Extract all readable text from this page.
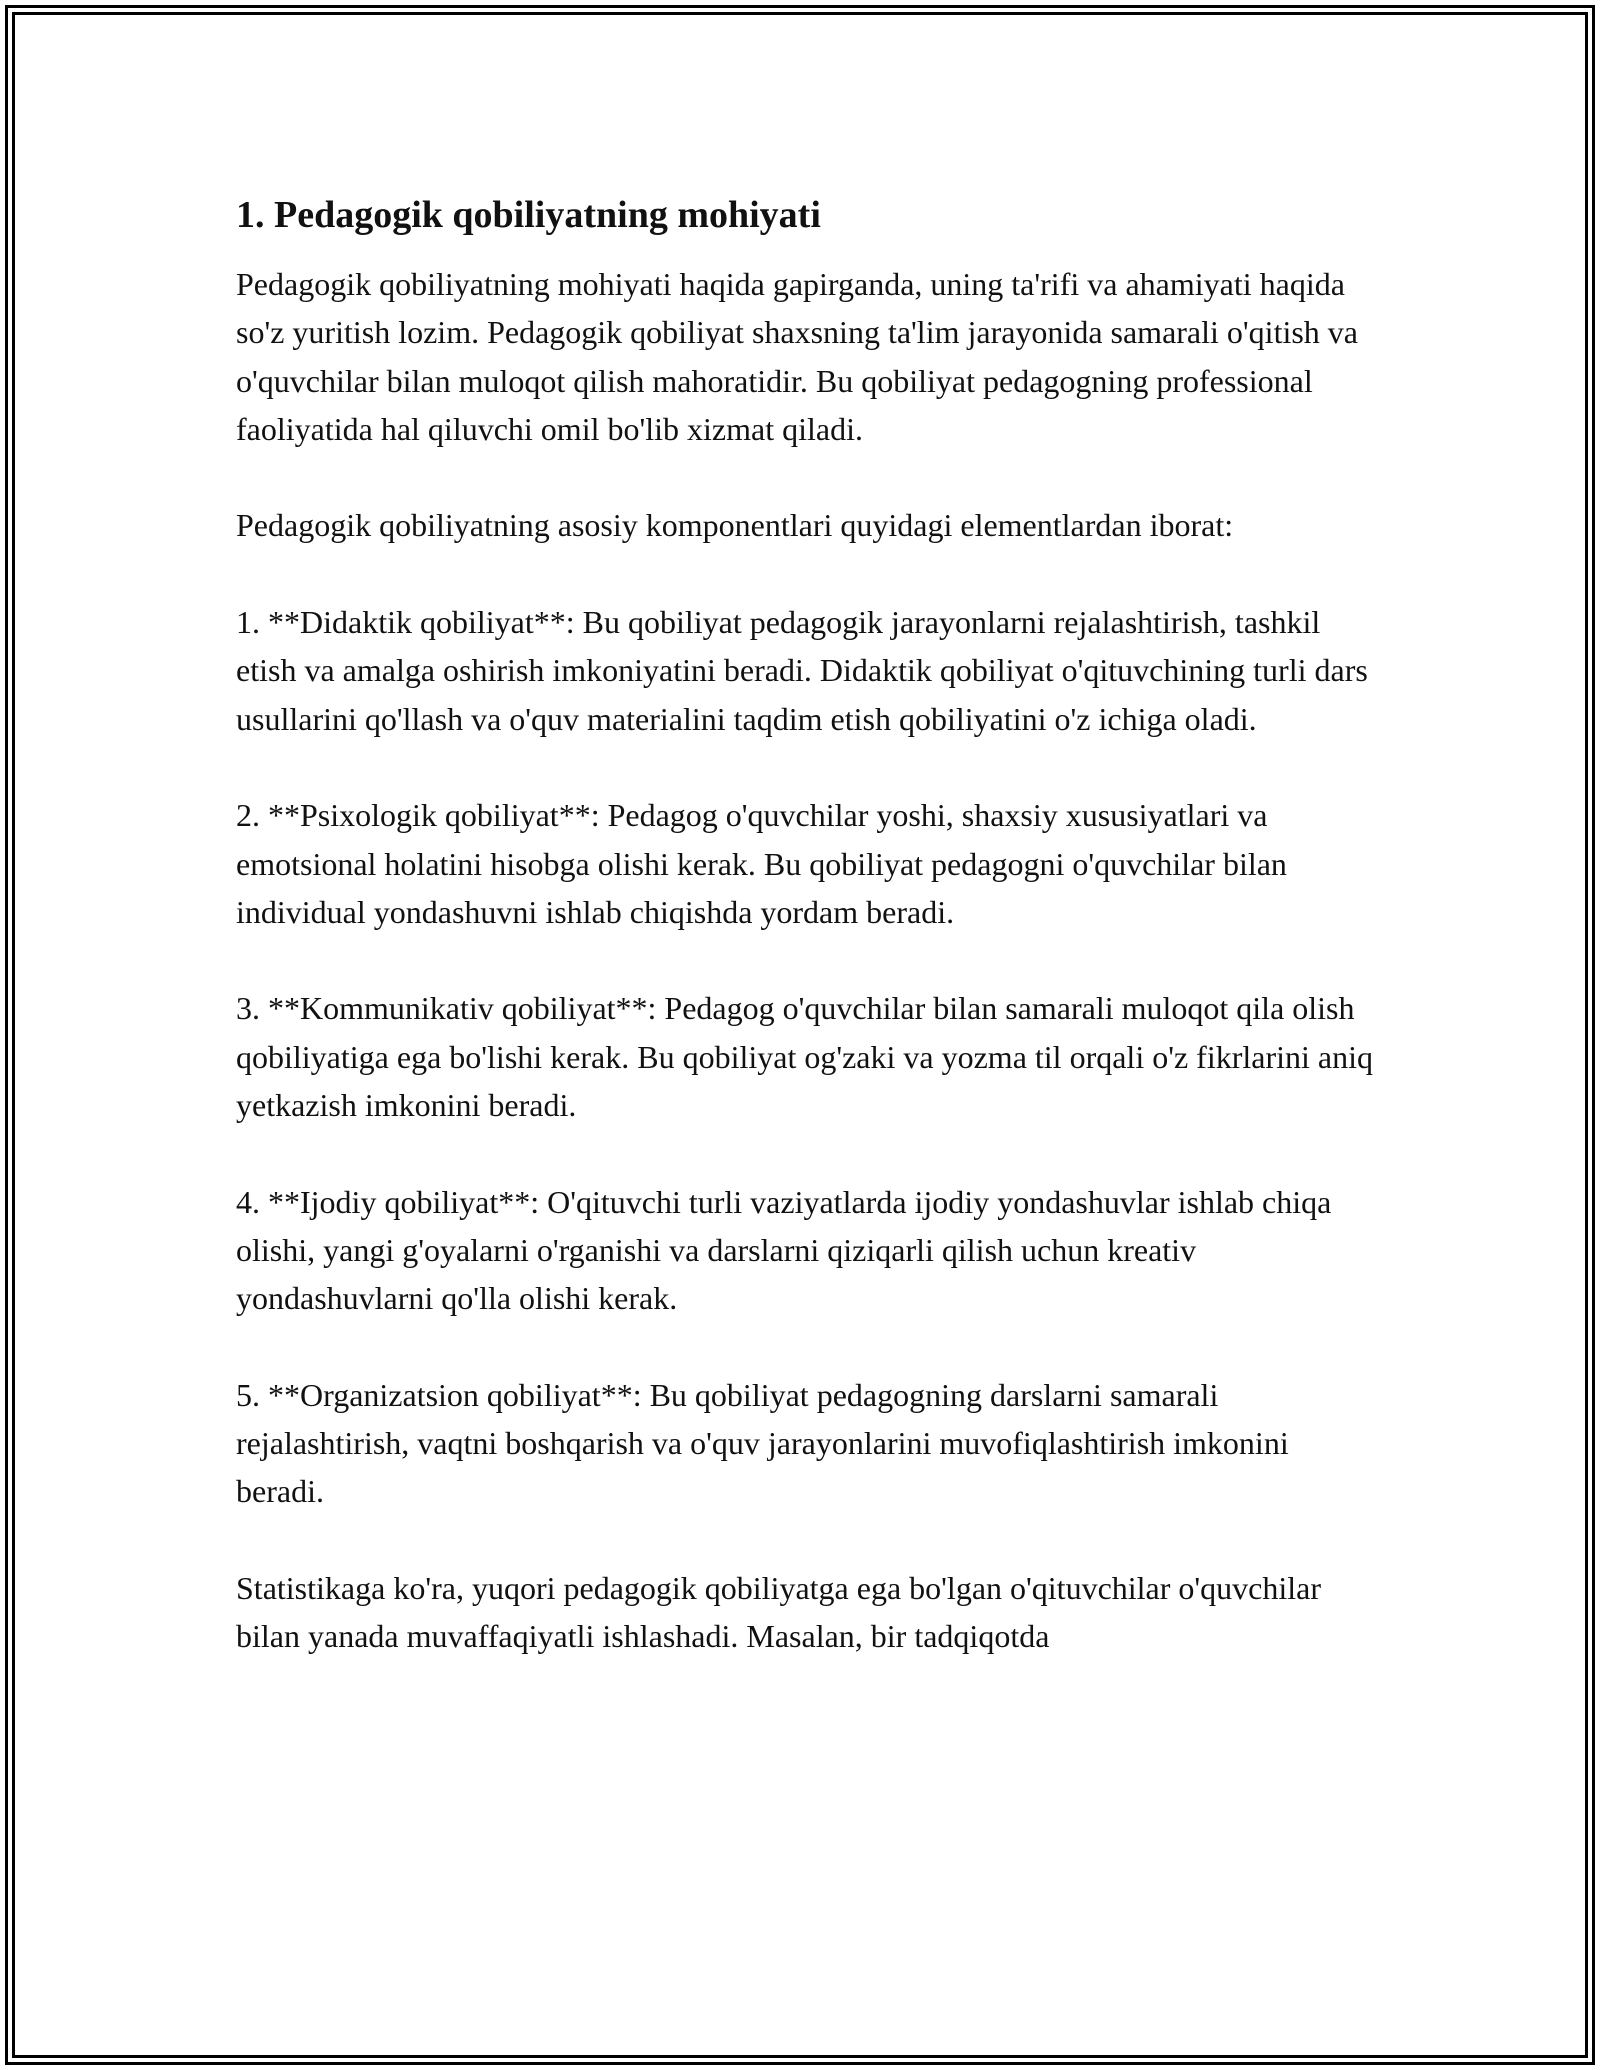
1. Pedagogik qobiliyatning mohiyati

Pedagogik qobiliyatning mohiyati haqida gapirganda, uning ta'rifi va ahamiyati haqida so'z yuritish lozim. Pedagogik qobiliyat shaxsning ta'lim jarayonida samarali o'qitish va o'quvchilar bilan muloqot qilish mahoratidir. Bu qobiliyat pedagogning professional faoliyatida hal qiluvchi omil bo'lib xizmat qiladi.

Pedagogik qobiliyatning asosiy komponentlari quyidagi elementlardan iborat:

1. **Didaktik qobiliyat**: Bu qobiliyat pedagogik jarayonlarni rejalashtirish, tashkil etish va amalga oshirish imkoniyatini beradi. Didaktik qobiliyat o'qituvchining turli dars usullarini qo'llash va o'quv materialini taqdim etish qobiliyatini o'z ichiga oladi.

2. **Psixologik qobiliyat**: Pedagog o'quvchilar yoshi, shaxsiy xususiyatlari va emotsional holatini hisobga olishi kerak. Bu qobiliyat pedagogni o'quvchilar bilan individual yondashuvni ishlab chiqishda yordam beradi.

3. **Kommunikativ qobiliyat**: Pedagog o'quvchilar bilan samarali muloqot qila olish qobiliyatiga ega bo'lishi kerak. Bu qobiliyat og'zaki va yozma til orqali o'z fikrlarini aniq yetkazish imkonini beradi.

4. **Ijodiy qobiliyat**: O'qituvchi turli vaziyatlarda ijodiy yondashuvlar ishlab chiqa olishi, yangi g'oyalarni o'rganishi va darslarni qiziqarli qilish uchun kreativ yondashuvlarni qo'lla olishi kerak.

5. **Organizatsion qobiliyat**: Bu qobiliyat pedagogning darslarni samarali rejalashtirish, vaqtni boshqarish va o'quv jarayonlarini muvofiqlashtirish imkonini beradi.

Statistikaga ko'ra, yuqori pedagogik qobiliyatga ega bo'lgan o'qituvchilar o'quvchilar bilan yanada muvaffaqiyatli ishlashadi. Masalan, bir tadqiqotda
